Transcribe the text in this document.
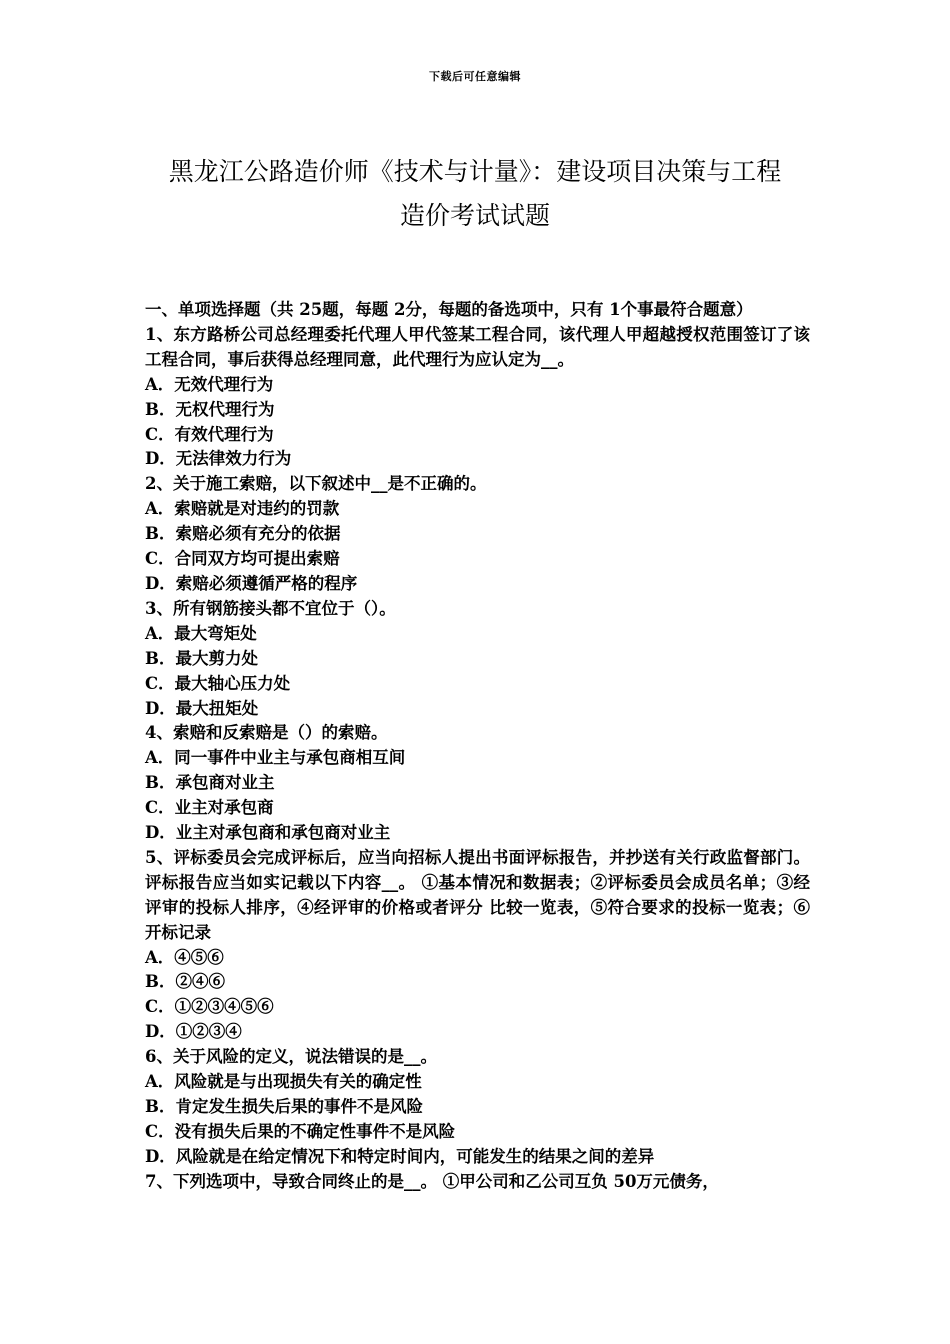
下载后可任意编辑
黑龙江公路造价师《技术与计量》：建设项目决策与工程
造价考试试题

一、单项选择题（共 25题，每题 2分，每题的备选项中，只有 1个事最符合题意）

1、东方路桥公司总经理委托代理人甲代签某工程合同，该代理人甲超越授权范围签订了该工程合同，事后获得总经理同意，此代理行为应认定为__。

A．无效代理行为

B．无权代理行为

C．有效代理行为

D．无法律效力行为

2、关于施工索赔，以下叙述中__是不正确的。

A．索赔就是对违约的罚款

B．索赔必须有充分的依据

C．合同双方均可提出索赔

D．索赔必须遵循严格的程序

3、所有钢筋接头都不宜位于（）。

A．最大弯矩处

B．最大剪力处

C．最大轴心压力处

D．最大扭矩处

4、索赔和反索赔是（）的索赔。

A．同一事件中业主与承包商相互间

B．承包商对业主

C．业主对承包商

D．业主对承包商和承包商对业主

5、评标委员会完成评标后，应当向招标人提出书面评标报告，并抄送有关行政监督部门。评标报告应当如实记载以下内容__。 ①基本情况和数据表；②评标委员会成员名单；③经评审的投标人排序，④经评审的价格或者评分 比较一览表，⑤符合要求的投标一览表；⑥开标记录

A．④⑤⑥

B．②④⑥

C．①②③④⑤⑥

D．①②③④

6、关于风险的定义，说法错误的是__。

A．风险就是与出现损失有关的确定性

B．肯定发生损失后果的事件不是风险

C．没有损失后果的不确定性事件不是风险

D．风险就是在给定情况下和特定时间内，可能发生的结果之间的差异

7、下列选项中，导致合同终止的是__。 ①甲公司和乙公司互负 50万元债务，
